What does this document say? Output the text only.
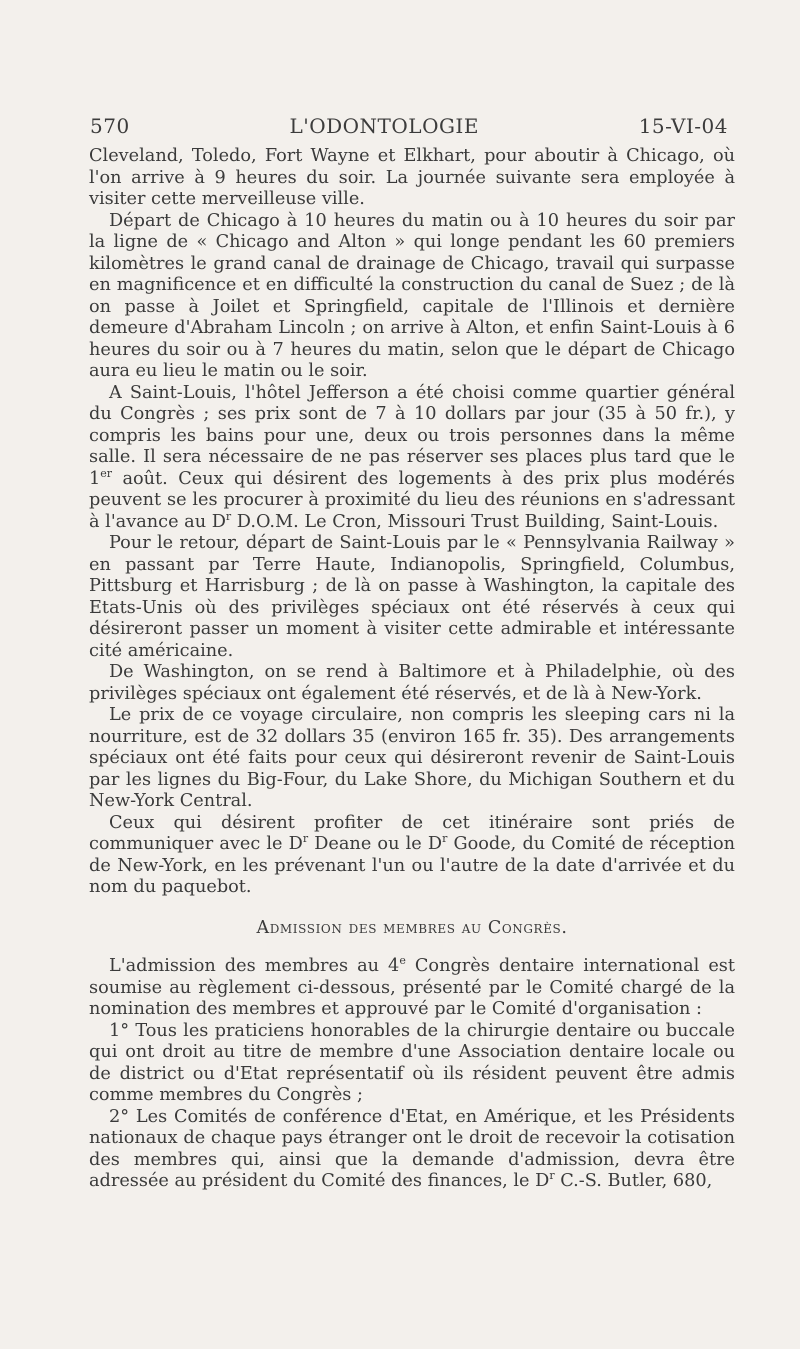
570	L'ODONTOLOGIE	15-VI-04

Cleveland, Toledo, Fort Wayne et Elkhart, pour aboutir à Chicago, où l'on arrive à 9 heures du soir. La journée suivante sera employée à visiter cette merveilleuse ville.

Départ de Chicago à 10 heures du matin ou à 10 heures du soir par la ligne de « Chicago and Alton » qui longe pendant les 60 premiers kilomètres le grand canal de drainage de Chicago, travail qui surpasse en magnificence et en difficulté la construction du canal de Suez ; de là on passe à Joilet et Springfield, capitale de l'Illinois et dernière demeure d'Abraham Lincoln ; on arrive à Alton, et enfin Saint-Louis à 6 heures du soir ou à 7 heures du matin, selon que le départ de Chicago aura eu lieu le matin ou le soir.

A Saint-Louis, l'hôtel Jefferson a été choisi comme quartier général du Congrès ; ses prix sont de 7 à 10 dollars par jour (35 à 50 fr.), y compris les bains pour une, deux ou trois personnes dans la même salle. Il sera nécessaire de ne pas réserver ses places plus tard que le 1er août. Ceux qui désirent des logements à des prix plus modérés peuvent se les procurer à proximité du lieu des réunions en s'adressant à l'avance au $D^r$ D.O.M. Le Cron, Missouri Trust Building, Saint-Louis.

Pour le retour, départ de Saint-Louis par le « Pennsylvania Railway » en passant par Terre Haute, Indianopolis, Springfield, Columbus, Pittsburg et Harrisburg ; de là on passe à Washington, la capitale des Etats-Unis où des privilèges spéciaux ont été réservés à ceux qui désireront passer un moment à visiter cette admirable et intéressante cité américaine.

De Washington, on se rend à Baltimore et à Philadelphie, où des privilèges spéciaux ont également été réservés, et de là à New-York.

Le prix de ce voyage circulaire, non compris les sleeping cars ni la nourriture, est de 32 dollars 35 (environ 165 fr. 35). Des arrangements spéciaux ont été faits pour ceux qui désireront revenir de Saint-Louis par les lignes du Big-Four, du Lake Shore, du Michigan Southern et du New-York Central.

Ceux qui désirent profiter de cet itinéraire sont priés de communiquer avec le $D^r$ Deane ou le $D^r$ Goode, du Comité de réception de New-York, en les prévenant l'un ou l'autre de la date d'arrivée et du nom du paquebot.

Admission des membres au Congrès.

L'admission des membres au 4e Congrès dentaire international est soumise au règlement ci-dessous, présenté par le Comité chargé de la nomination des membres et approuvé par le Comité d'organisation :

1° Tous les praticiens honorables de la chirurgie dentaire ou buccale qui ont droit au titre de membre d'une Association dentaire locale ou de district ou d'Etat représentatif où ils résident peuvent être admis comme membres du Congrès ;

2° Les Comités de conférence d'Etat, en Amérique, et les Présidents nationaux de chaque pays étranger ont le droit de recevoir la cotisation des membres qui, ainsi que la demande d'admission, devra être adressée au président du Comité des finances, le $D^r$ C.-S. Butler, 680,
